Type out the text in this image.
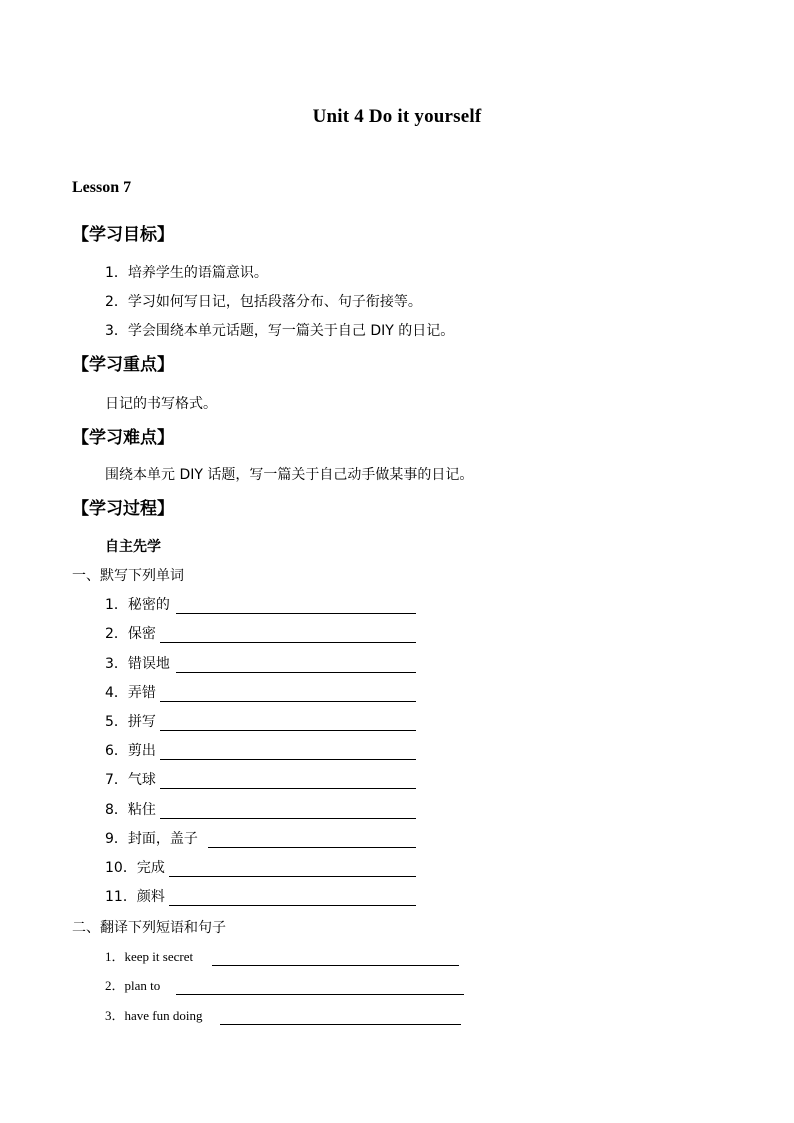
Unit 4 Do it yourself
Lesson 7
【学习目标】
1．培养学生的语篇意识。
2．学习如何写日记，包括段落分布、句子衔接等。
3．学会围绕本单元话题，写一篇关于自己 DIY 的日记。
【学习重点】
日记的书写格式。
【学习难点】
围绕本单元 DIY 话题，写一篇关于自己动手做某事的日记。
【学习过程】
自主先学
一、默写下列单词
1．秘密的
2．保密
3．错误地
4．弄错
5．拼写
6．剪出
7．气球
8．粘住
9．封面，盖子
10．完成
11．颜料
二、翻译下列短语和句子
1．keep it secret
2．plan to
3．have fun doing
